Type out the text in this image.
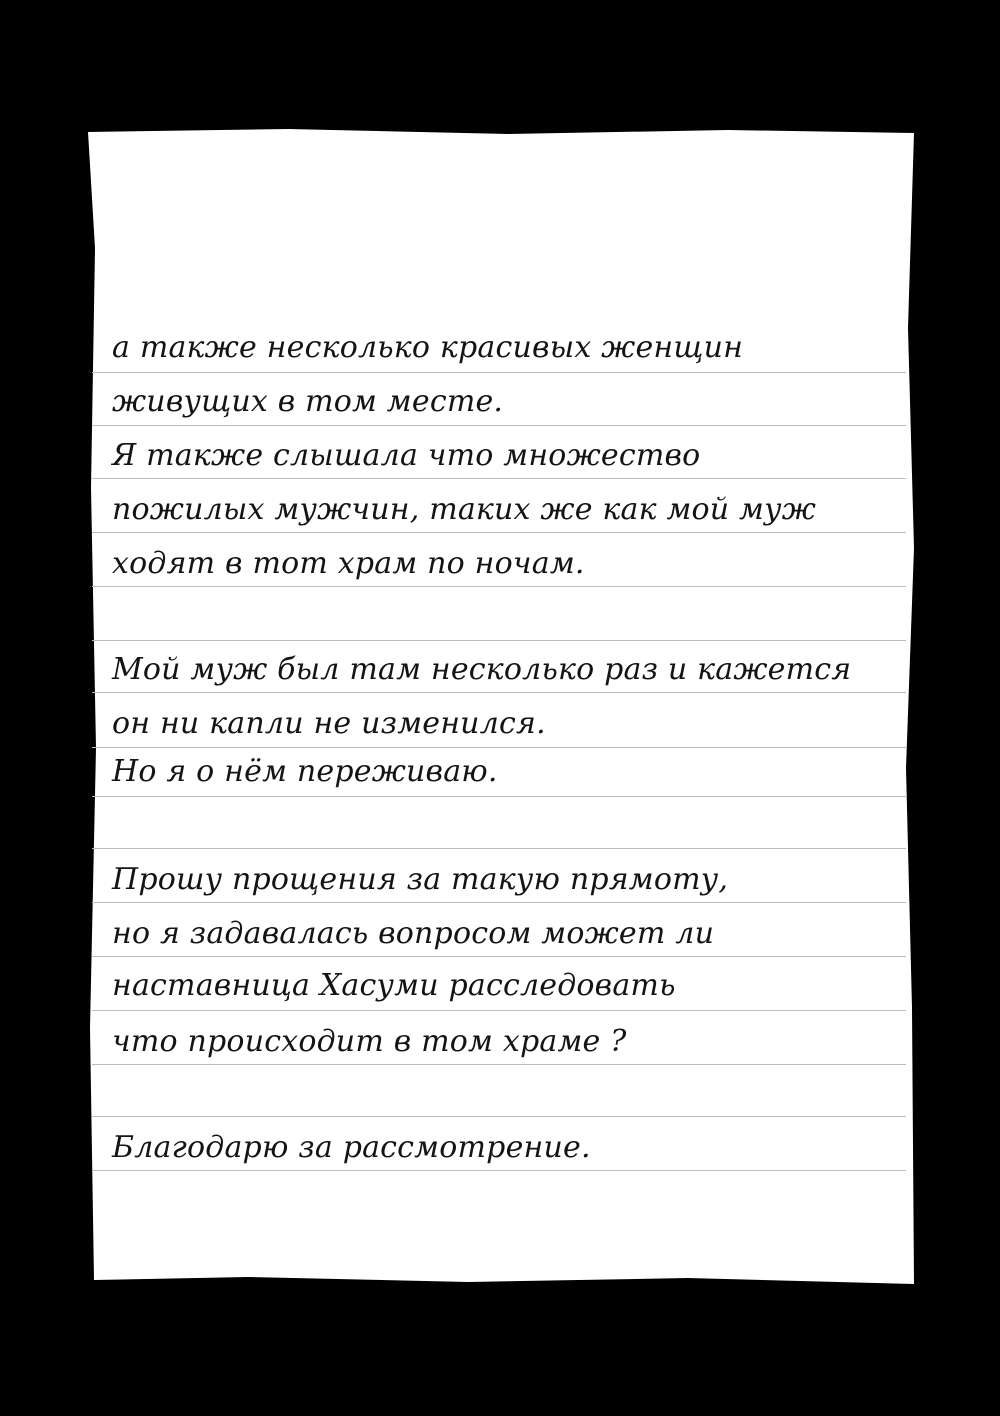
а также несколько красивых женщин

живущих в том месте.

Я также слышала что множество

пожилых мужчин, таких же как мой муж

ходят в тот храм по ночам.

Мой муж был там несколько раз и кажется

он ни капли не изменился.

Но я о нём переживаю.

Прошу прощения за такую прямоту,

но я задавалась вопросом может ли

наставница Хасуми расследовать

что происходит в том храме ?

Благодарю за рассмотрение.
